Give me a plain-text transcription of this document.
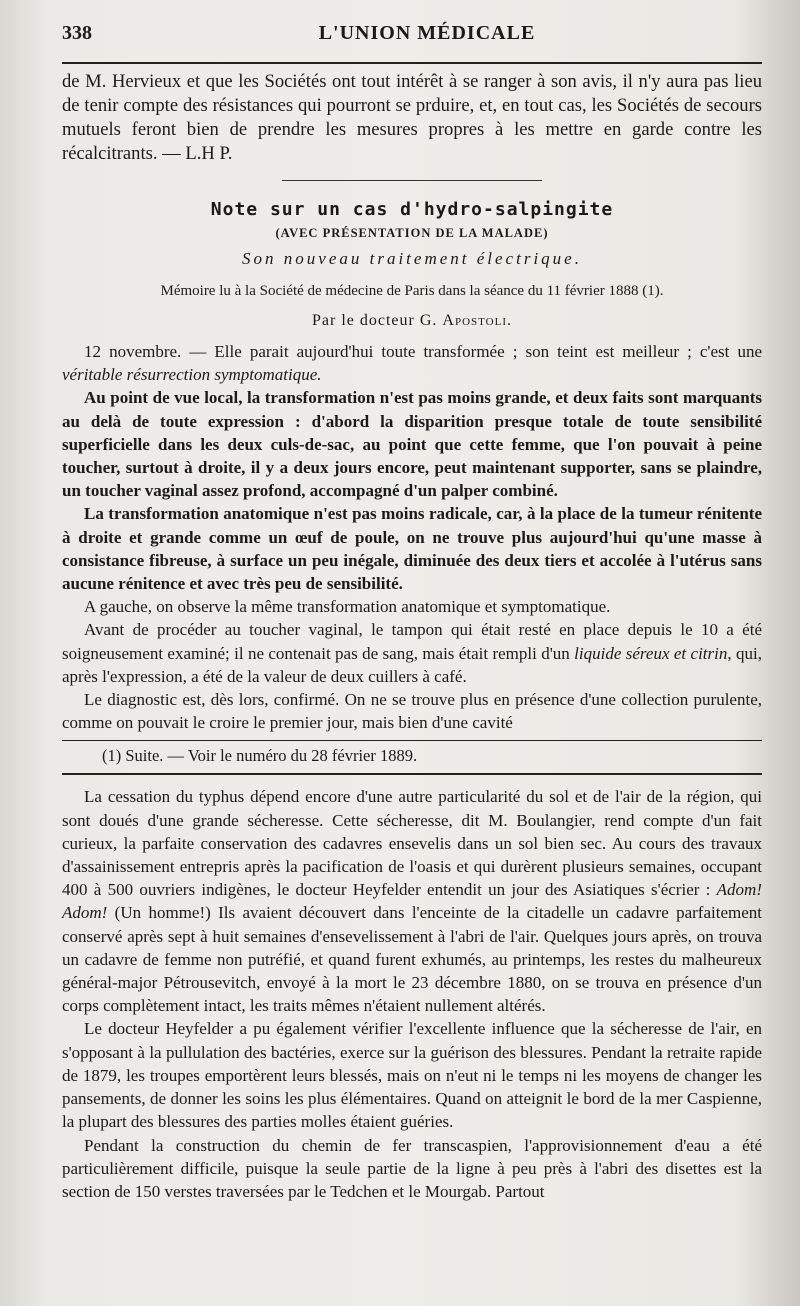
338	L'UNION MÉDICALE

de M. Hervieux et que les Sociétés ont tout intérêt à se ranger à son avis, il n'y aura pas lieu de tenir compte des résistances qui pourront se prduire, et, en tout cas, les Sociétés de secours mutuels feront bien de prendre les mesures propres à les mettre en garde contre les récalcitrants. — L.H P.

Note sur un cas d'hydro-salpingite
(AVEC PRÉSENTATION DE LA MALADE)
Son nouveau traitement électrique.
Mémoire lu à la Société de médecine de Paris dans la séance du 11 février 1888 (1).
Par le docteur G. Apostoli.

12 novembre. — Elle parait aujourd'hui toute transformée ; son teint est meilleur ; c'est une véritable résurrection symptomatique.

Au point de vue local, la transformation n'est pas moins grande, et deux faits sont marquants au delà de toute expression : d'abord la disparition presque totale de toute sensibilité superficielle dans les deux culs-de-sac, au point que cette femme, que l'on pouvait à peine toucher, surtout à droite, il y a deux jours encore, peut maintenant supporter, sans se plaindre, un toucher vaginal assez profond, accompagné d'un palper combiné.

La transformation anatomique n'est pas moins radicale, car, à la place de la tumeur rénitente à droite et grande comme un œuf de poule, on ne trouve plus aujourd'hui qu'une masse à consistance fibreuse, à surface un peu inégale, diminuée des deux tiers et accolée à l'utérus sans aucune rénitence et avec très peu de sensibilité.

A gauche, on observe la même transformation anatomique et symptomatique.

Avant de procéder au toucher vaginal, le tampon qui était resté en place depuis le 10 a été soigneusement examiné; il ne contenait pas de sang, mais était rempli d'un liquide séreux et citrin, qui, après l'expression, a été de la valeur de deux cuillers à café.

Le diagnostic est, dès lors, confirmé. On ne se trouve plus en présence d'une collection purulente, comme on pouvait le croire le premier jour, mais bien d'une cavité

(1) Suite. — Voir le numéro du 28 février 1889.

La cessation du typhus dépend encore d'une autre particularité du sol et de l'air de la région, qui sont doués d'une grande sécheresse. Cette sécheresse, dit M. Boulangier, rend compte d'un fait curieux, la parfaite conservation des cadavres ensevelis dans un sol bien sec. Au cours des travaux d'assainissement entrepris après la pacification de l'oasis et qui durèrent plusieurs semaines, occupant 400 à 500 ouvriers indigènes, le docteur Heyfelder entendit un jour des Asiatiques s'écrier : Adom! Adom! (Un homme!) Ils avaient découvert dans l'enceinte de la citadelle un cadavre parfaitement conservé après sept à huit semaines d'ensevelissement à l'abri de l'air. Quelques jours après, on trouva un cadavre de femme non putréfié, et quand furent exhumés, au printemps, les restes du malheureux général-major Pétrousevitch, envoyé à la mort le 23 décembre 1880, on se trouva en présence d'un corps complètement intact, les traits mêmes n'étaient nullement altérés.

Le docteur Heyfelder a pu également vérifier l'excellente influence que la sécheresse de l'air, en s'opposant à la pullulation des bactéries, exerce sur la guérison des blessures. Pendant la retraite rapide de 1879, les troupes emportèrent leurs blessés, mais on n'eut ni le temps ni les moyens de changer les pansements, de donner les soins les plus élémentaires. Quand on atteignit le bord de la mer Caspienne, la plupart des blessures des parties molles étaient guéries.

Pendant la construction du chemin de fer transcaspien, l'approvisionnement d'eau a été particulièrement difficile, puisque la seule partie de la ligne à peu près à l'abri des disettes est la section de 150 verstes traversées par le Tedchen et le Mourgab. Partout
